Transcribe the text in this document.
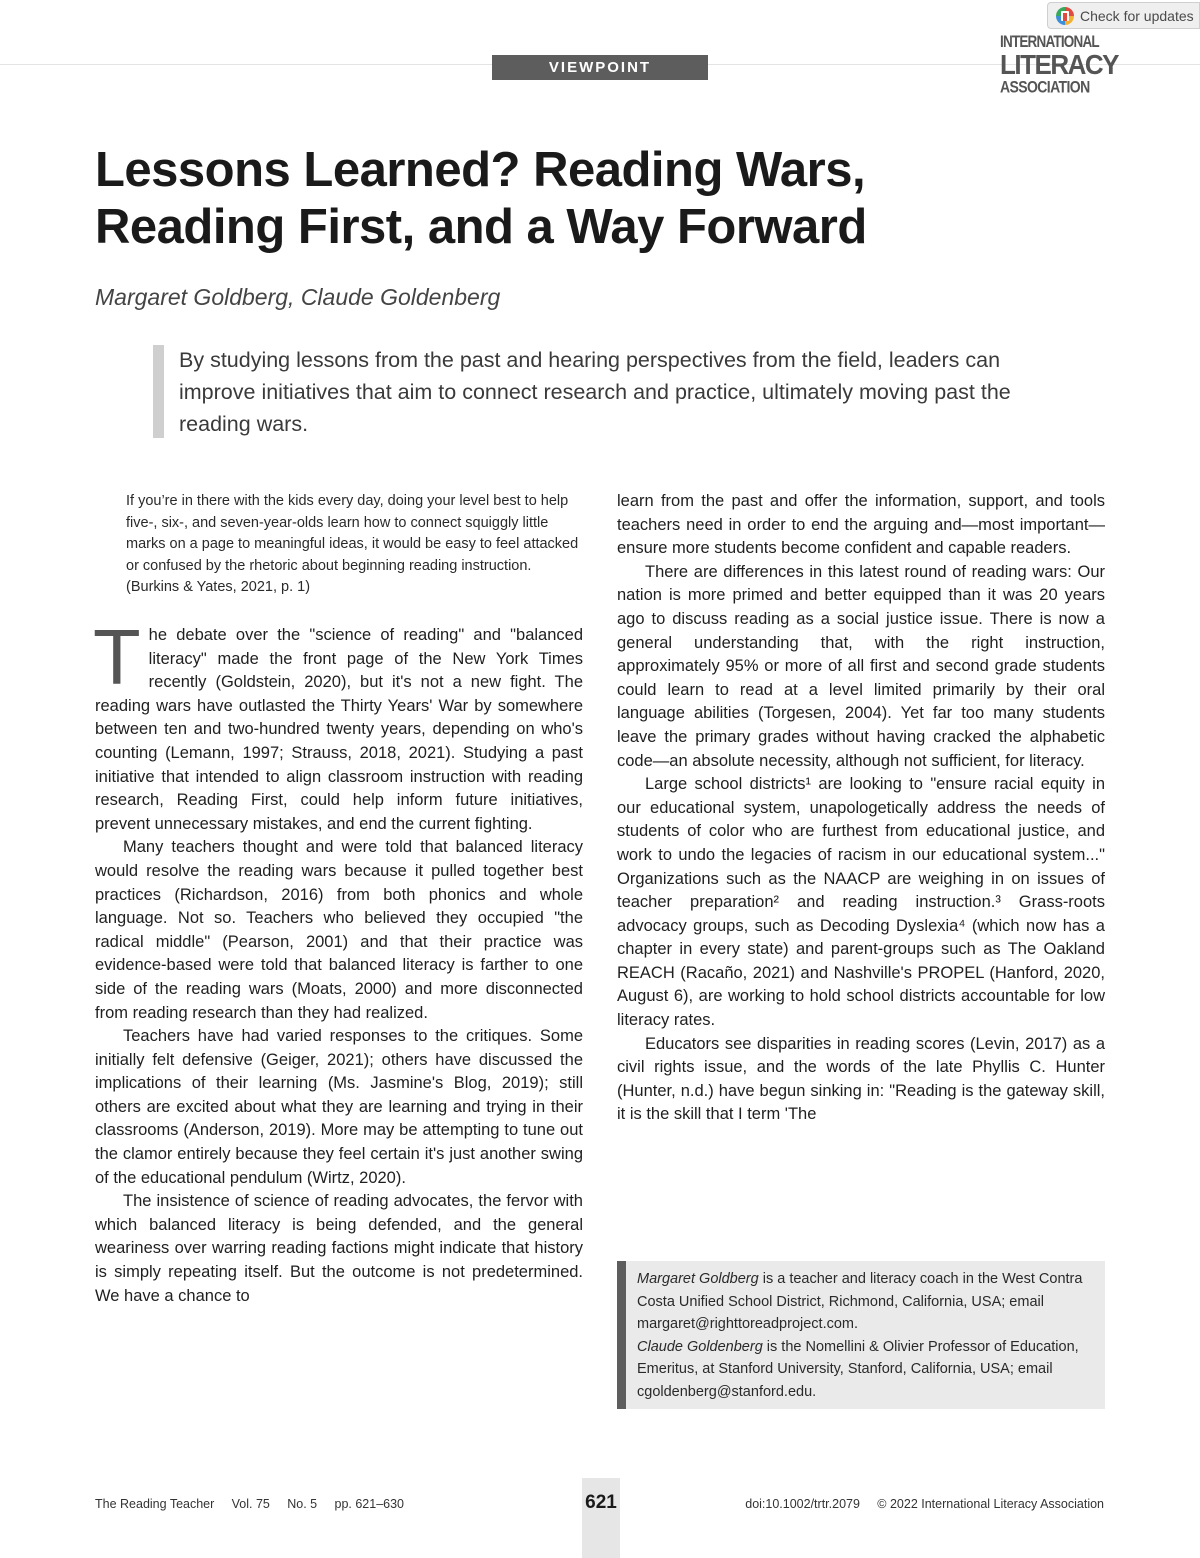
Check for updates
VIEWPOINT
INTERNATIONAL
LITERACY
ASSOCIATION
Lessons Learned? Reading Wars,
Reading First, and a Way Forward

Margaret Goldberg, Claude Goldenberg

By studying lessons from the past and hearing perspectives from the field, leaders can improve initiatives that aim to connect research and practice, ultimately moving past the reading wars.

If you’re in there with the kids every day, doing your level best to help five-, six-, and seven-year-olds learn how to connect squiggly little marks on a page to meaningful ideas, it would be easy to feel attacked or confused by the rhetoric about beginning reading instruction. (Burkins & Yates, 2021, p. 1)

The debate over the "science of reading" and "balanced literacy" made the front page of the New York Times recently (Goldstein, 2020), but it's not a new fight. The reading wars have outlasted the Thirty Years' War by somewhere between ten and two-hundred twenty years, depending on who's counting (Lemann, 1997; Strauss, 2018, 2021). Studying a past initiative that intended to align classroom instruction with reading research, Reading First, could help inform future initiatives, prevent unnecessary mistakes, and end the current fighting.

Many teachers thought and were told that balanced literacy would resolve the reading wars because it pulled together best practices (Richardson, 2016) from both phonics and whole language. Not so. Teachers who believed they occupied "the radical middle" (Pearson, 2001) and that their practice was evidence-based were told that balanced literacy is farther to one side of the reading wars (Moats, 2000) and more disconnected from reading research than they had realized.

Teachers have had varied responses to the critiques. Some initially felt defensive (Geiger, 2021); others have discussed the implications of their learning (Ms. Jasmine's Blog, 2019); still others are excited about what they are learning and trying in their classrooms (Anderson, 2019). More may be attempting to tune out the clamor entirely because they feel certain it's just another swing of the educational pendulum (Wirtz, 2020).

The insistence of science of reading advocates, the fervor with which balanced literacy is being defended, and the general weariness over warring reading factions might indicate that history is simply repeating itself. But the outcome is not predetermined. We have a chance to

learn from the past and offer the information, support, and tools teachers need in order to end the arguing and—most important—ensure more students become confident and capable readers.

There are differences in this latest round of reading wars: Our nation is more primed and better equipped than it was 20 years ago to discuss reading as a social justice issue. There is now a general understanding that, with the right instruction, approximately 95% or more of all first and second grade students could learn to read at a level limited primarily by their oral language abilities (Torgesen, 2004). Yet far too many students leave the primary grades without having cracked the alphabetic code—an absolute necessity, although not sufficient, for literacy.

Large school districts¹ are looking to "ensure racial equity in our educational system, unapologetically address the needs of students of color who are furthest from educational justice, and work to undo the legacies of racism in our educational system..." Organizations such as the NAACP are weighing in on issues of teacher preparation² and reading instruction.³ Grass-roots advocacy groups, such as Decoding Dyslexia⁴ (which now has a chapter in every state) and parent-groups such as The Oakland REACH (Racaño, 2021) and Nashville's PROPEL (Hanford, 2020, August 6), are working to hold school districts accountable for low literacy rates.

Educators see disparities in reading scores (Levin, 2017) as a civil rights issue, and the words of the late Phyllis C. Hunter (Hunter, n.d.) have begun sinking in: "Reading is the gateway skill, it is the skill that I term 'The

Margaret Goldberg is a teacher and literacy coach in the West Contra Costa Unified School District, Richmond, California, USA; email margaret@righttoreadproject.com.
Claude Goldenberg is the Nomellini & Olivier Professor of Education, Emeritus, at Stanford University, Stanford, California, USA; email cgoldenberg@stanford.edu.
The Reading Teacher     Vol. 75     No. 5     pp. 621–630	621	doi:10.1002/trtr.2079     © 2022 International Literacy Association
